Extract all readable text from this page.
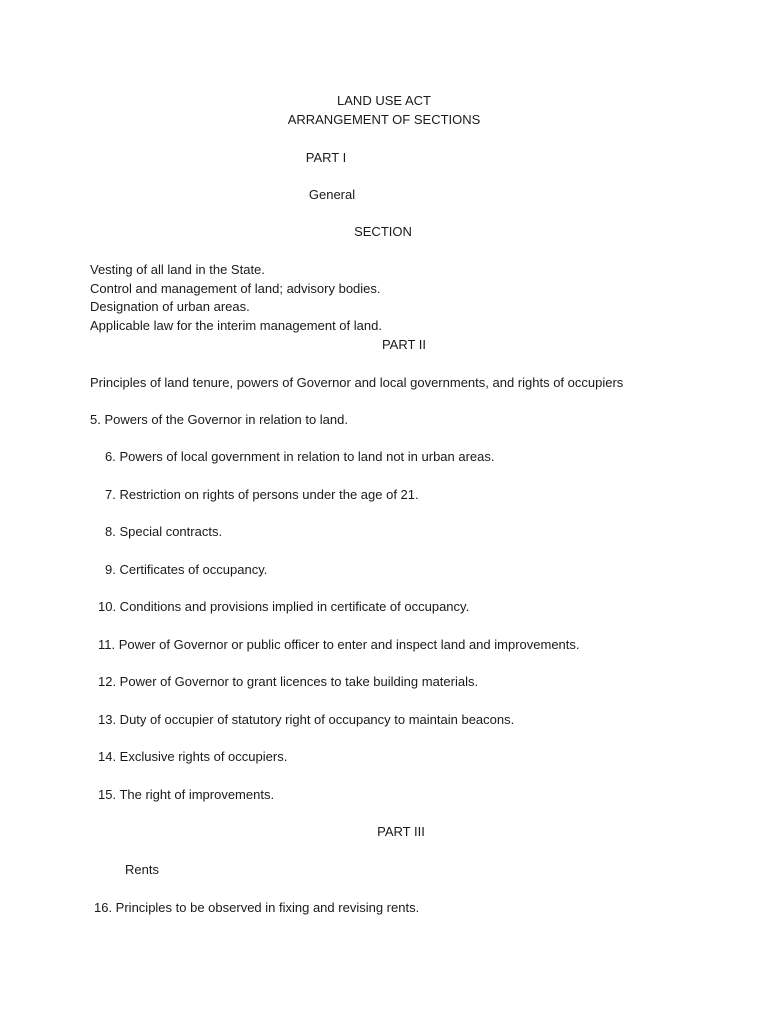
LAND USE ACT
ARRANGEMENT OF SECTIONS
PART I
General
SECTION
Vesting of all land in the State.
Control and management of land; advisory bodies.
Designation of urban areas.
Applicable law for the interim management of land.
PART II
Principles of land tenure, powers of Governor and local governments, and rights of occupiers
5. Powers of the Governor in relation to land.
6. Powers of local government in relation to land not in urban areas.
7. Restriction on rights of persons under the age of 21.
8. Special contracts.
9. Certificates of occupancy.
10. Conditions and provisions implied in certificate of occupancy.
11. Power of Governor or public officer to enter and inspect land and improvements.
12. Power of Governor to grant licences to take building materials.
13. Duty of occupier of statutory right of occupancy to maintain beacons.
14. Exclusive rights of occupiers.
15. The right of improvements.
PART III
Rents
16. Principles to be observed in fixing and revising rents.
